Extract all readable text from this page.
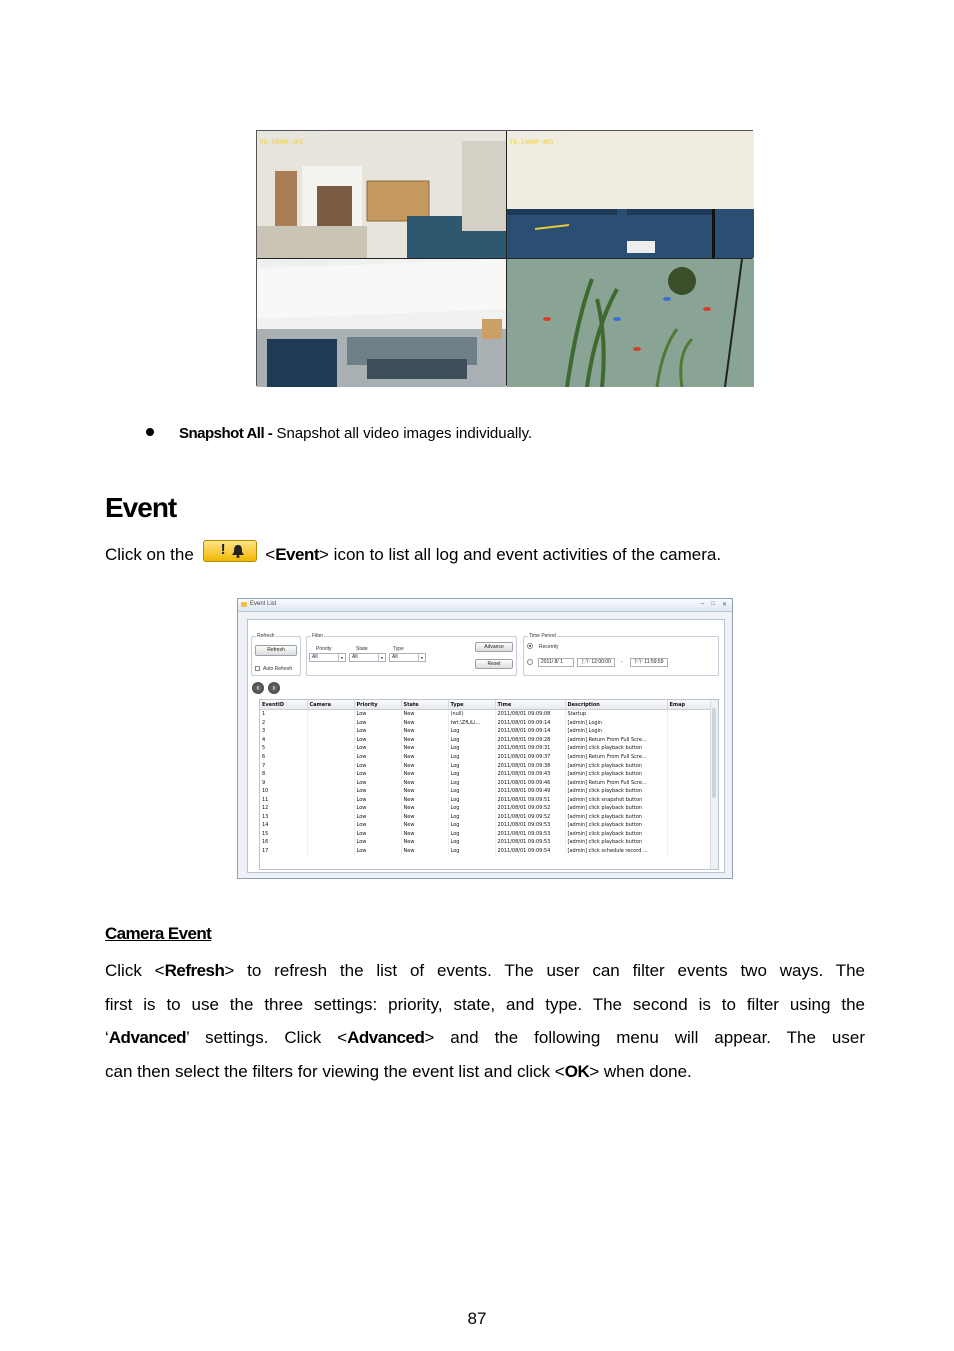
2011-08-16 10:49:30
FD-1000P-5M2
2011-08-16 10:49:30
FD-1000P-4M3
2011-08-16 10:49:30
Snapshot All - Snapshot all video images individually.
Event
Click on the ! <Event> icon to list all log and event activities of the camera.
Event List	– □ ✕
Refresh
Refresh
Auto Refresh
Filter
Priority	State	Type
All	▾	All	▾	All	▾
Advance
Reset
Time Period
Recently
2011/ 8/ 1	上午 12:00:00	-	下午 11:59:59
‹	›
EventID	Camera	Priority	State	Type	Time	Description	Emap
1		Low	New	(null)	2011/08/01 09:09:08	Startup	
2		Low	New	twt,\ZfLiLi...	2011/08/01 09:09:14	[admin] Login	
3		Low	New	Log	2011/08/01 09:09:14	[admin] Login	
4		Low	New	Log	2011/08/01 09:09:28	[admin] Return From Full Scre...	
5		Low	New	Log	2011/08/01 09:09:31	[admin] click playback button	
6		Low	New	Log	2011/08/01 09:09:37	[admin] Return From Full Scre...	
7		Low	New	Log	2011/08/01 09:09:38	[admin] click playback button	
8		Low	New	Log	2011/08/01 09:09:43	[admin] click playback button	
9		Low	New	Log	2011/08/01 09:09:46	[admin] Return From Full Scre...	
10		Low	New	Log	2011/08/01 09:09:49	[admin] click playback button	
11		Low	New	Log	2011/08/01 09:09:51	[admin] click snapshot button	
12		Low	New	Log	2011/08/01 09:09:52	[admin] click playback button	
13		Low	New	Log	2011/08/01 09:09:52	[admin] click playback button	
14		Low	New	Log	2011/08/01 09:09:53	[admin] click playback button	
15		Low	New	Log	2011/08/01 09:09:53	[admin] click playback button	
16		Low	New	Log	2011/08/01 09:09:53	[admin] click playback button	
17		Low	New	Log	2011/08/01 09:09:54	[admin] click schedule record ...	
Camera Event
Click <Refresh> to refresh the list of events. The user can filter events two ways. The
first is to use the three settings: priority, state, and type. The second is to filter using the
‘Advanced’ settings. Click <Advanced> and the following menu will appear. The user
can then select the filters for viewing the event list and click <OK> when done.
87
